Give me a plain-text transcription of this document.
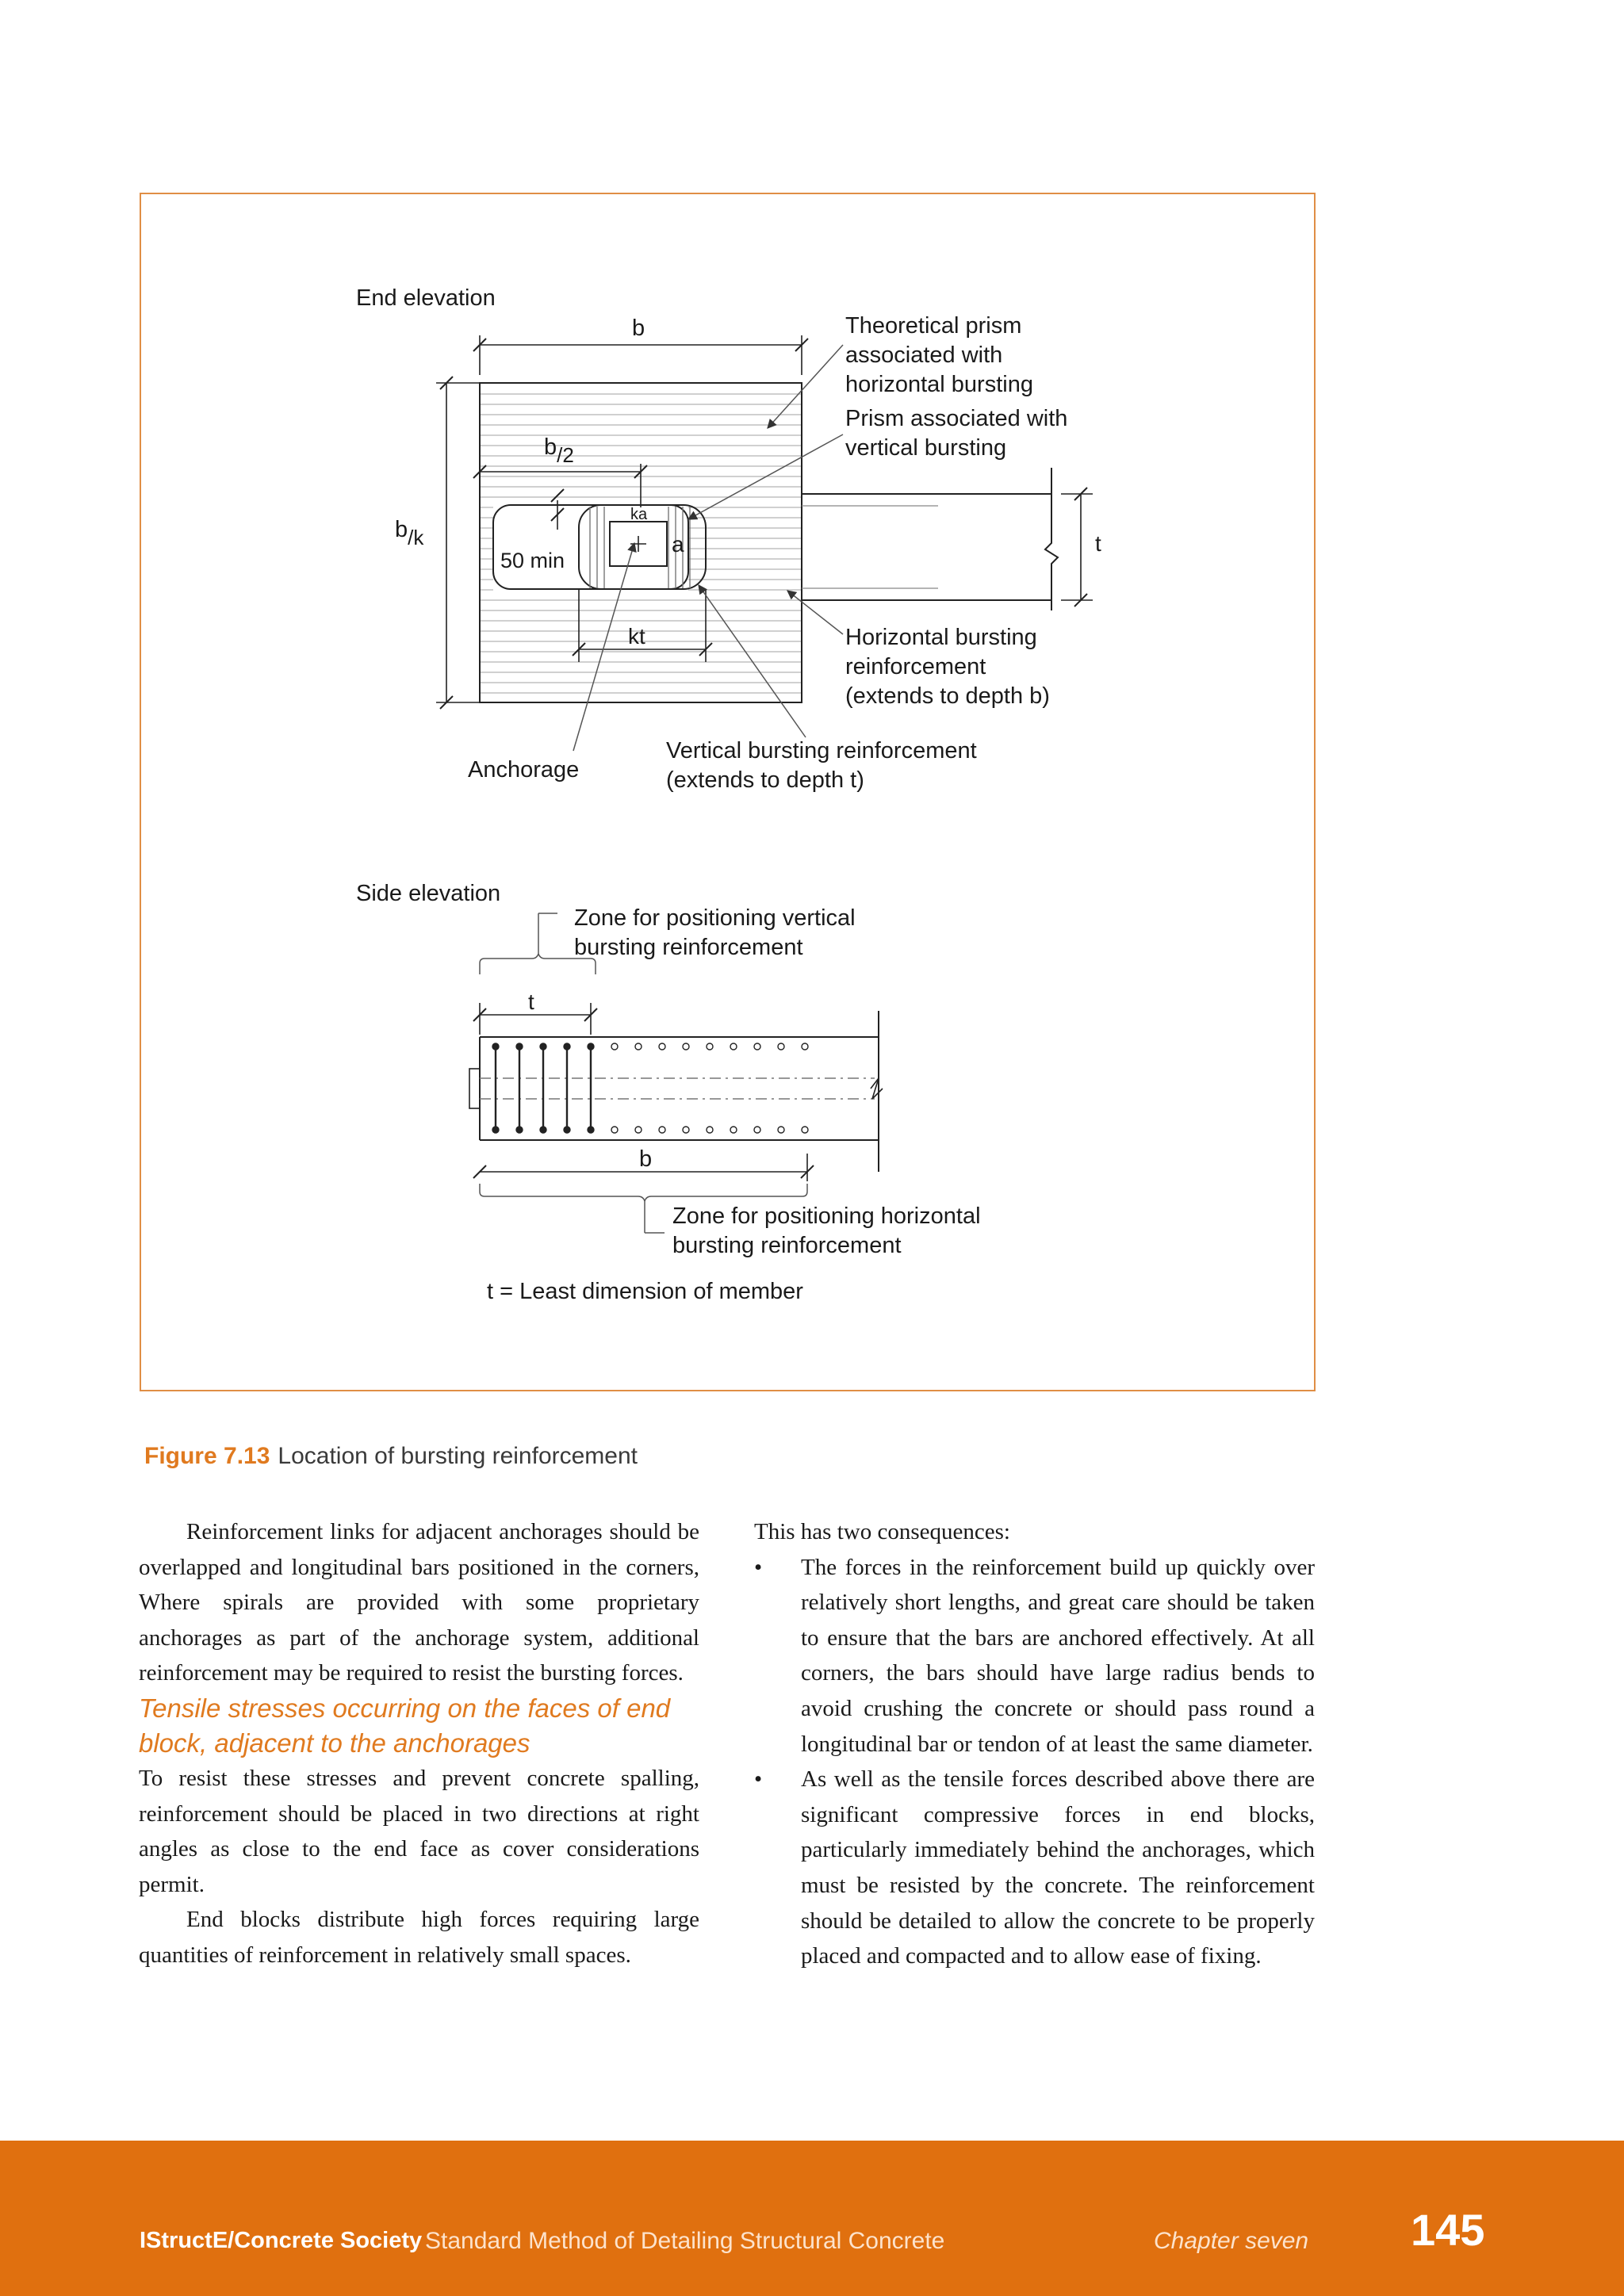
End elevation
t
ka
a
50 min
b
b/2
b/k
kt
Theoretical prism associated with horizontal bursting
Prism associated with vertical bursting
Horizontal bursting reinforcement (extends to depth b)
Vertical bursting reinforcement (extends to depth t)
Anchorage
Side elevation
Zone for positioning vertical bursting reinforcement
t
b
Zone for positioning horizontal bursting reinforcement
t = Least dimension of member
Figure 7.13 Location of bursting reinforcement

Reinforcement links for adjacent anchorages should be overlapped and longitudinal bars positioned in the corners, Where spirals are provided with some proprietary anchorages as part of the anchorage system, additional reinforcement may be required to resist the bursting forces.

Tensile stresses occurring on the faces of end block, adjacent to the anchorages

To resist these stresses and prevent concrete spalling, reinforcement should be placed in two directions at right angles as close to the end face as cover considerations permit.

End blocks distribute high forces requiring large quantities of reinforcement in relatively small spaces.

This has two consequences:

• The forces in the reinforcement build up quickly over relatively short lengths, and great care should be taken to ensure that the bars are anchored effectively. At all corners, the bars should have large radius bends to avoid crushing the concrete or should pass round a longitudinal bar or tendon of at least the same diameter.
• As well as the tensile forces described above there are significant compressive forces in end blocks, particularly immediately behind the anchorages, which must be resisted by the concrete. The reinforcement should be detailed to allow the concrete to be properly placed and compacted and to allow ease of fixing.
IStructE/Concrete Society Standard Method of Detailing Structural Concrete	Chapter seven 145
